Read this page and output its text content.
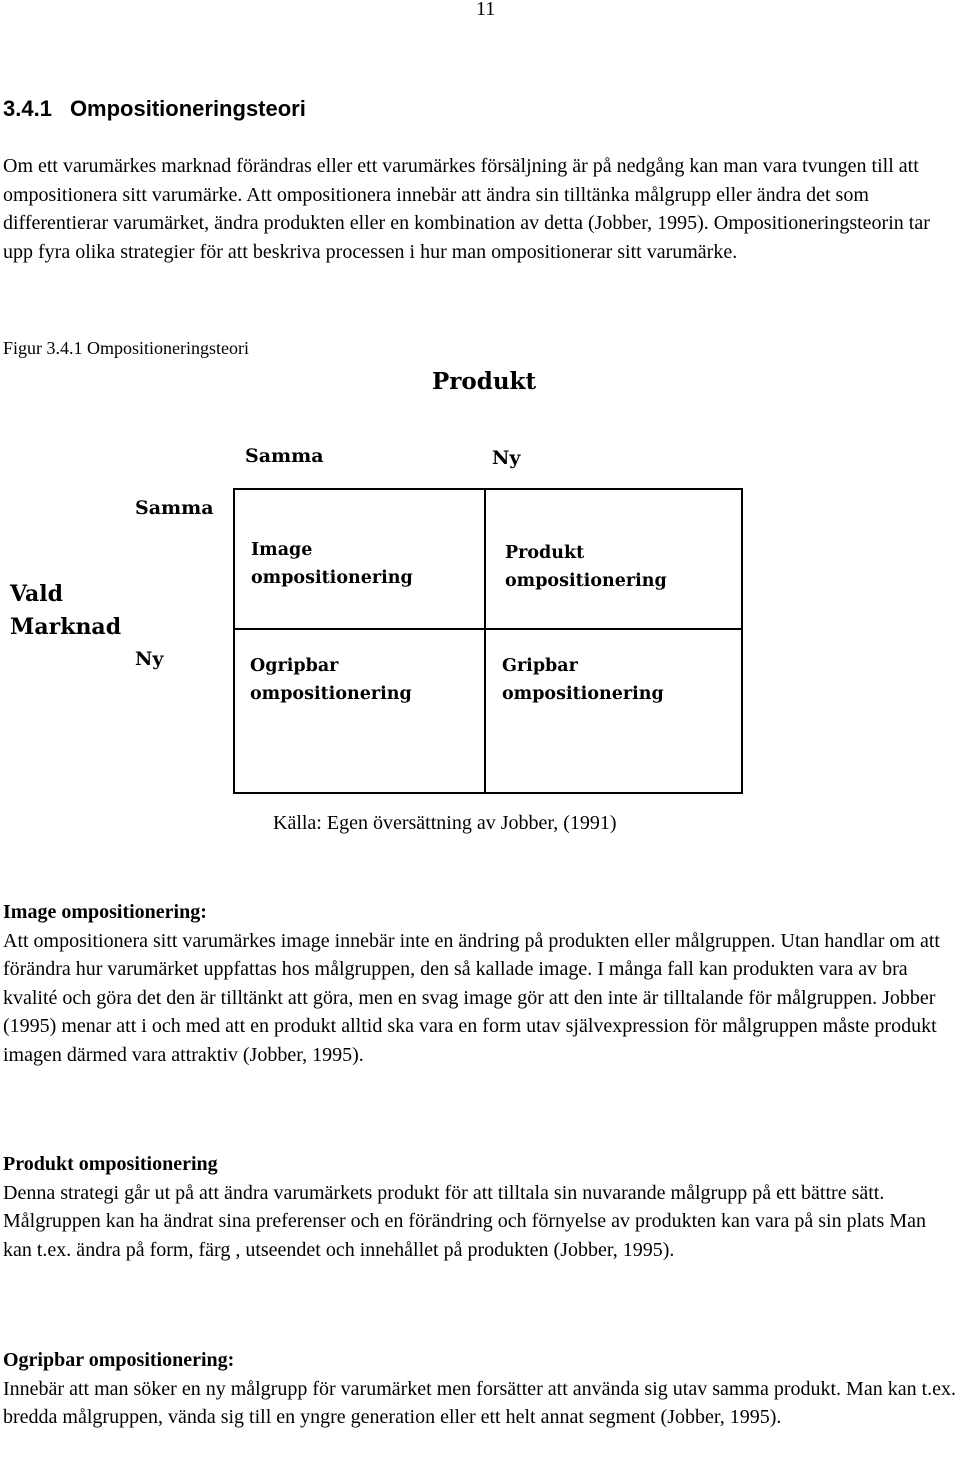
11
3.4.1 Ompositioneringsteori

Om ett varumärkes marknad förändras eller ett varumärkes försäljning är på nedgång kan man vara tvungen till att ompositionera sitt varumärke. Att ompositionera innebär att ändra sin tilltänka målgrupp eller ändra det som differentierar varumärket, ändra produkten eller en kombination av detta (Jobber, 1995). Ompositioneringsteorin tar upp fyra olika strategier för att beskriva processen i hur man ompositionerar sitt varumärke.

Figur 3.4.1 Ompositioneringsteori
Produkt
Samma	Ny
Samma
Ny
Vald
Marknad
Image
ompositionering
Produkt
ompositionering
Ogripbar
ompositionering
Gripbar
ompositionering
Källa: Egen översättning av Jobber, (1991)
Image ompositionering:
Att ompositionera sitt varumärkes image innebär inte en ändring på produkten eller målgruppen. Utan handlar om att förändra hur varumärket uppfattas hos målgruppen, den så kallade image. I många fall kan produkten vara av bra kvalité och göra det den är tilltänkt att göra, men en svag image gör att den inte är tilltalande för målgruppen. Jobber (1995) menar att i och med att en produkt alltid ska vara en form utav självexpression för målgruppen måste produkt imagen därmed vara attraktiv (Jobber, 1995).
Produkt ompositionering
Denna strategi går ut på att ändra varumärkets produkt för att tilltala sin nuvarande målgrupp på ett bättre sätt. Målgruppen kan ha ändrat sina preferenser och en förändring och förnyelse av produkten kan vara på sin plats Man kan t.ex. ändra på form, färg , utseendet och innehållet på produkten (Jobber, 1995).
Ogripbar ompositionering:
Innebär att man söker en ny målgrupp för varumärket men forsätter att använda sig utav samma produkt. Man kan t.ex. bredda målgruppen, vända sig till en yngre generation eller ett helt annat segment (Jobber, 1995).
